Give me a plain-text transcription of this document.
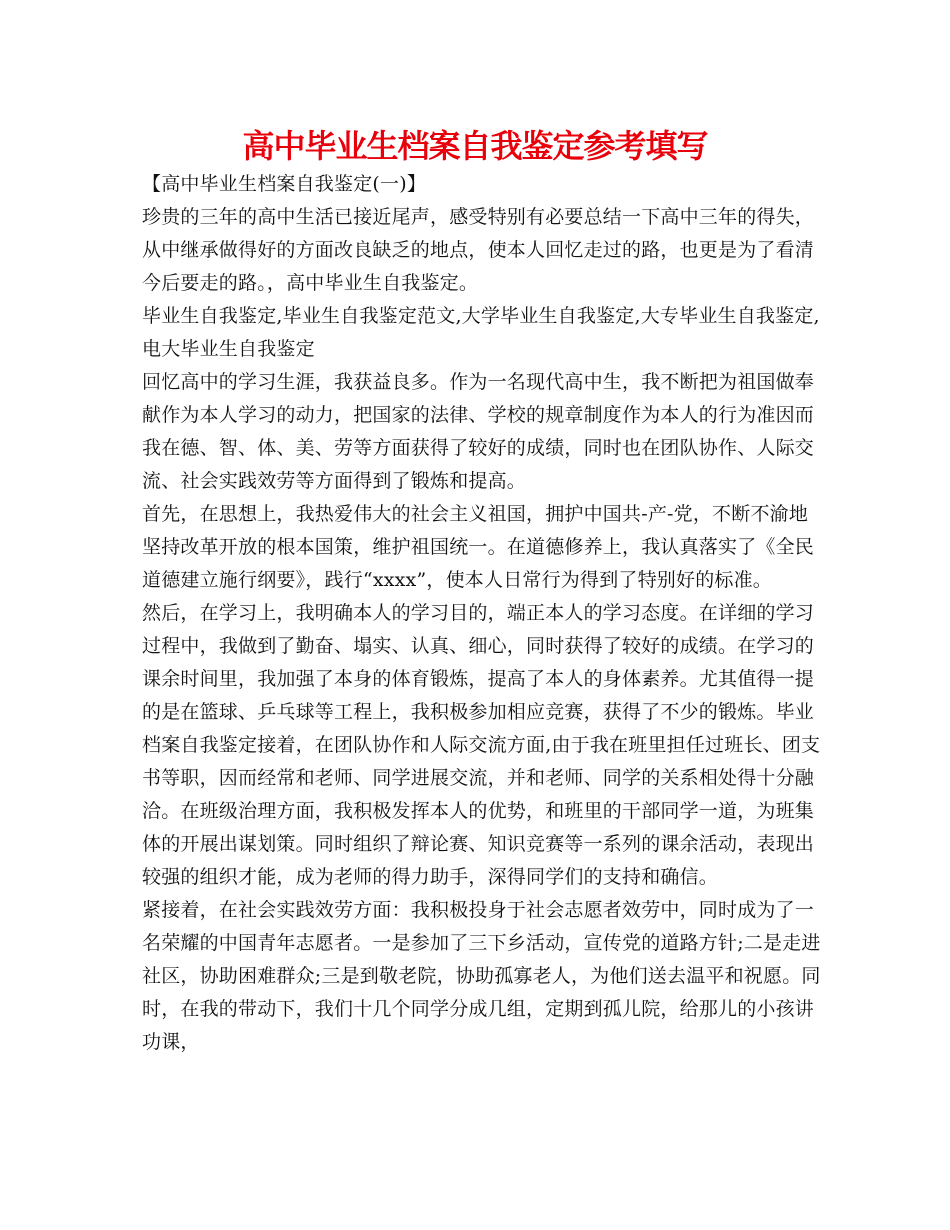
高中毕业生档案自我鉴定参考填写

【高中毕业生档案自我鉴定(一)】

珍贵的三年的高中生活已接近尾声，感受特别有必要总结一下高中三年的得失，从中继承做得好的方面改良缺乏的地点，使本人回忆走过的路，也更是为了看清今后要走的路。，高中毕业生自我鉴定。

毕业生自我鉴定,毕业生自我鉴定范文,大学毕业生自我鉴定,大专毕业生自我鉴定,电大毕业生自我鉴定

回忆高中的学习生涯，我获益良多。作为一名现代高中生，我不断把为祖国做奉献作为本人学习的动力，把国家的法律、学校的规章制度作为本人的行为准因而我在德、智、体、美、劳等方面获得了较好的成绩，同时也在团队协作、人际交流、社会实践效劳等方面得到了锻炼和提高。

首先，在思想上，我热爱伟大的社会主义祖国，拥护中国共-产-党，不断不渝地坚持改革开放的根本国策，维护祖国统一。在道德修养上，我认真落实了《全民道德建立施行纲要》，践行“xxxx”，使本人日常行为得到了特别好的标准。

然后，在学习上，我明确本人的学习目的，端正本人的学习态度。在详细的学习过程中，我做到了勤奋、塌实、认真、细心，同时获得了较好的成绩。在学习的课余时间里，我加强了本身的体育锻炼，提高了本人的身体素养。尤其值得一提的是在篮球、乒乓球等工程上，我积极参加相应竞赛，获得了不少的锻炼。毕业档案自我鉴定接着，在团队协作和人际交流方面,由于我在班里担任过班长、团支书等职，因而经常和老师、同学进展交流，并和老师、同学的关系相处得十分融洽。在班级治理方面，我积极发挥本人的优势，和班里的干部同学一道，为班集体的开展出谋划策。同时组织了辩论赛、知识竞赛等一系列的课余活动，表现出较强的组织才能，成为老师的得力助手，深得同学们的支持和确信。

紧接着，在社会实践效劳方面：我积极投身于社会志愿者效劳中，同时成为了一名荣耀的中国青年志愿者。一是参加了三下乡活动，宣传党的道路方针;二是走进社区，协助困难群众;三是到敬老院，协助孤寡老人，为他们送去温平和祝愿。同时，在我的带动下，我们十几个同学分成几组，定期到孤儿院，给那儿的小孩讲功课，
